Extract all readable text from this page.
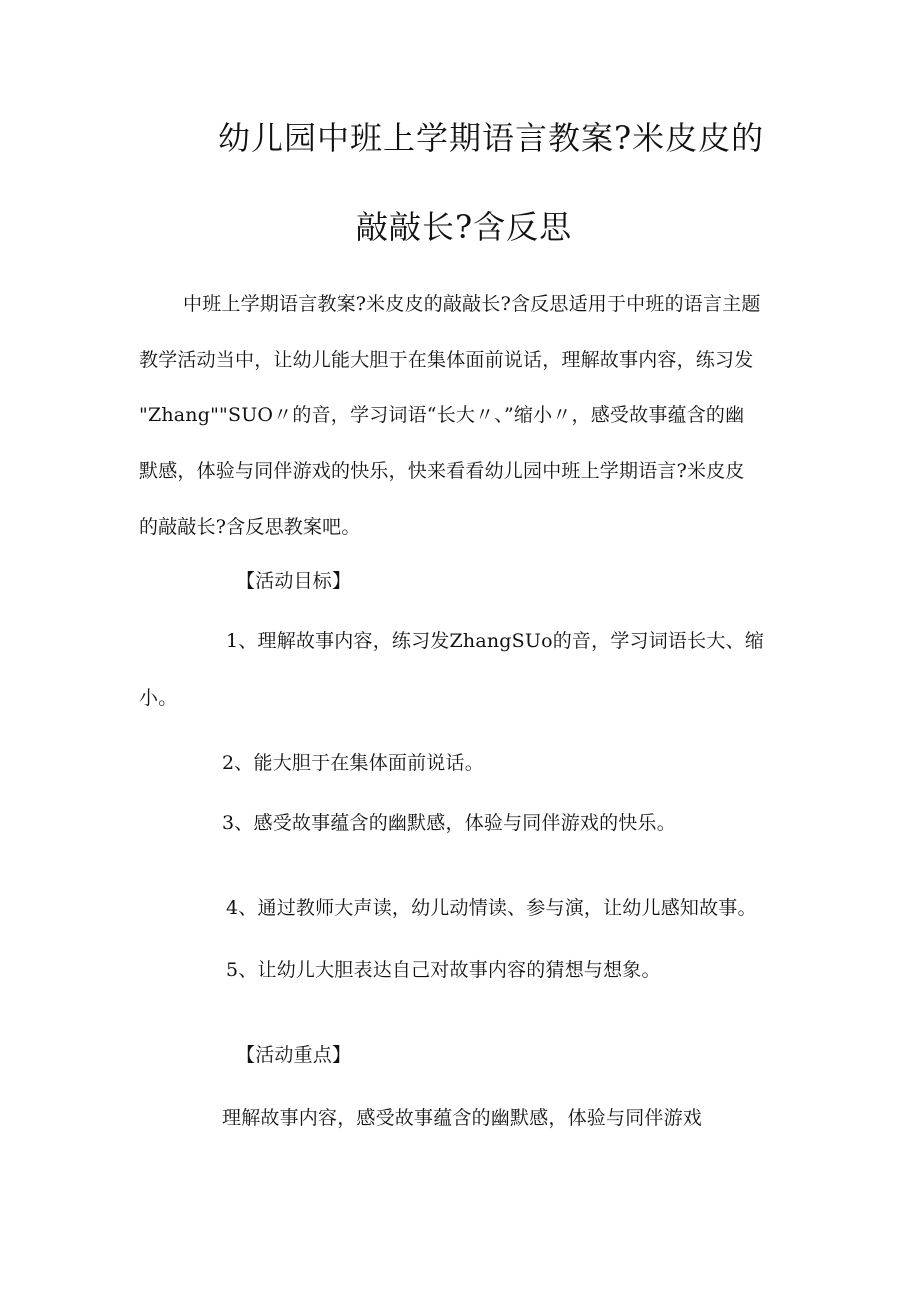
幼儿园中班上学期语言教案?米皮皮的
敲敲长?含反思
中班上学期语言教案?米皮皮的敲敲长?含反思适用于中班的语言主题
教学活动当中，让幼儿能大胆于在集体面前说话，理解故事内容，练习发
"Zhang""SUO〃的音，学习词语“长大〃、”缩小〃，感受故事蕴含的幽
默感，体验与同伴游戏的快乐，快来看看幼儿园中班上学期语言?米皮皮
的敲敲长?含反思教案吧。
【活动目标】
1、理解故事内容，练习发ZhangSUo的音，学习词语长大、缩
小。
2、能大胆于在集体面前说话。
3、感受故事蕴含的幽默感，体验与同伴游戏的快乐。
4、通过教师大声读，幼儿动情读、参与演，让幼儿感知故事。
5、让幼儿大胆表达自己对故事内容的猜想与想象。
【活动重点】
理解故事内容，感受故事蕴含的幽默感，体验与同伴游戏
